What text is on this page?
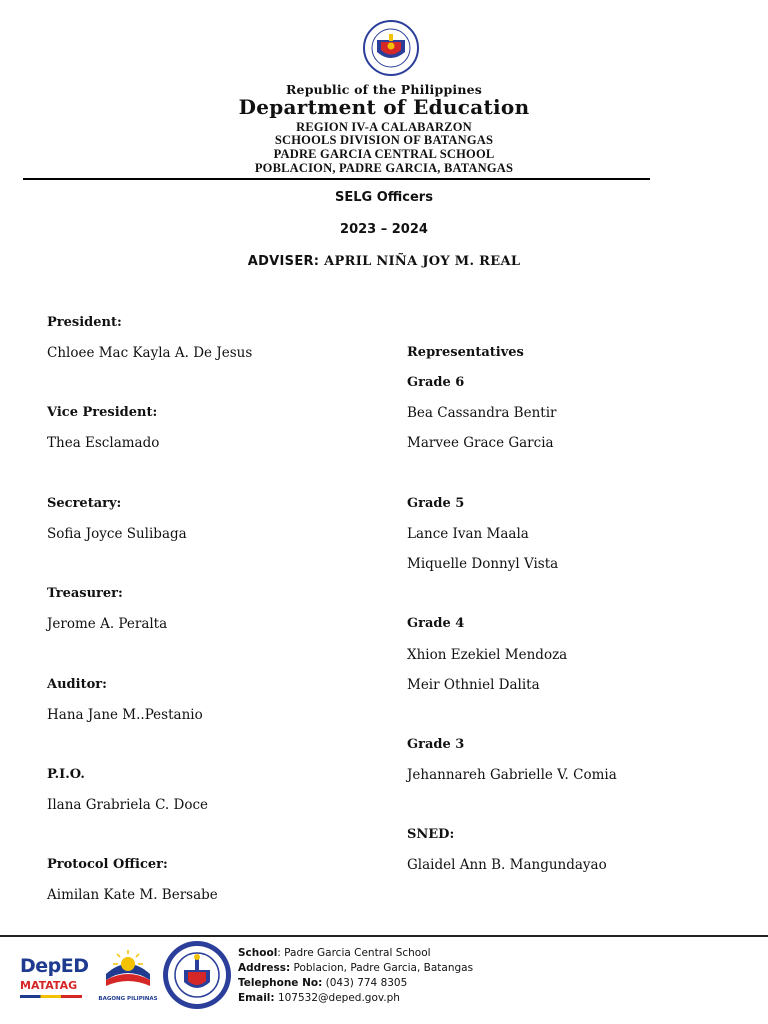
Republic of the Philippines
Department of Education
REGION IV-A CALABARZON
SCHOOLS DIVISION OF BATANGAS
PADRE GARCIA CENTRAL SCHOOL
POBLACION, PADRE GARCIA, BATANGAS
SELG Officers
2023 – 2024
ADVISER: APRIL NIÑA JOY M. REAL
President:
Chloee Mac Kayla A. De Jesus
Vice President:
Thea Esclamado
Secretary:
Sofia Joyce Sulibaga
Treasurer:
Jerome A. Peralta
Auditor:
Hana Jane M..Pestanio
P.I.O.
Ilana Grabriela C. Doce
Protocol Officer:
Aimilan Kate M. Bersabe
Representatives
Grade 6
Bea Cassandra Bentir
Marvee Grace Garcia
Grade 5
Lance Ivan Maala
Miquelle Donnyl Vista
Grade 4
Xhion Ezekiel Mendoza
Meir Othniel Dalita
Grade 3
Jehannareh Gabrielle V. Comia
SNED:
Glaidel Ann B. Mangundayao
DepED
MATATAG
BAGONG PILIPINAS
School: Padre Garcia Central School
Address: Poblacion, Padre Garcia, Batangas
Telephone No: (043) 774 8305
Email: 107532@deped.gov.ph
